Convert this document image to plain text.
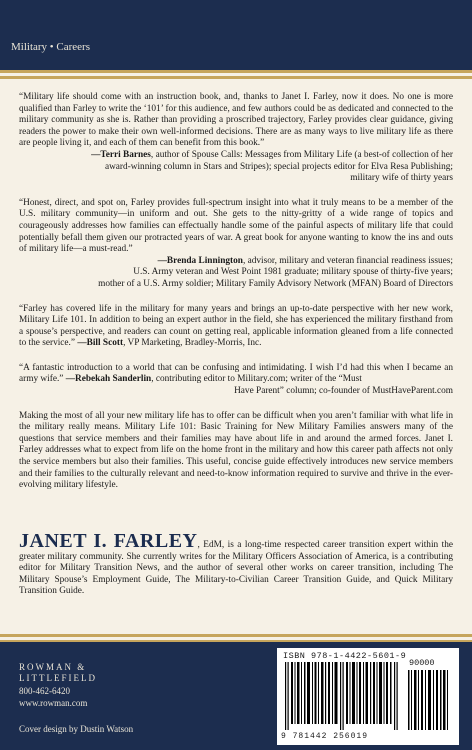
Military • Careers

“Military life should come with an instruction book, and, thanks to Janet I. Farley, now it does. No one is more qualified than Farley to write the ‘101’ for this audience, and few authors could be as dedicated and connected to the military community as she is. Rather than providing a proscribed trajectory, Farley provides clear guidance, giving readers the power to make their own well-informed decisions. There are as many ways to live military life as there are people living it, and each of them can benefit from this book.”

—Terri Barnes, author of Spouse Calls: Messages from Military Life (a best-of collection of her
award-winning column in Stars and Stripes); special projects editor for Elva Resa Publishing;
military wife of thirty years

“Honest, direct, and spot on, Farley provides full-spectrum insight into what it truly means to be a member of the U.S. military community—in uniform and out. She gets to the nitty-gritty of a wide range of topics and courageously addresses how families can effectually handle some of the painful aspects of military life that could potentially befall them given our protracted years of war. A great book for anyone wanting to know the ins and outs of military life—a must-read.”

—Brenda Linnington, advisor, military and veteran financial readiness issues;
U.S. Army veteran and West Point 1981 graduate; military spouse of thirty-five years;
mother of a U.S. Army soldier; Military Family Advisory Network (MFAN) Board of Directors

“Farley has covered life in the military for many years and brings an up-to-date perspective with her new work, Military Life 101. In addition to being an expert author in the field, she has experienced the military firsthand from a spouse’s perspective, and readers can count on getting real, applicable information gleaned from a life connected to the service.” —Bill Scott, VP Marketing, Bradley-Morris, Inc.

“A fantastic introduction to a world that can be confusing and intimidating. I wish I’d had this when I became an army wife.” —Rebekah Sanderlin, contributing editor to Military.com; writer of the “Must

Have Parent” column; co-founder of MustHaveParent.com
Making the most of all your new military life has to offer can be difficult when you aren’t familiar with what life in the military really means. Military Life 101: Basic Training for New Military Families answers many of the questions that service members and their families may have about life in and around the armed forces. Janet I. Farley addresses what to expect from life on the home front in the military and how this career path affects not only the service members but also their families. This useful, concise guide effectively introduces new service members and their families to the culturally relevant and need-to-know information required to survive and thrive in the ever-evolving military lifestyle.
JANET I. FARLEY, EdM, is a long-time respected career transition expert within the greater military community. She currently writes for the Military Officers Association of America, is a contributing editor for Military Transition News, and the author of several other works on career transition, including The Military Spouse’s Employment Guide, The Military-to-Civilian Career Transition Guide, and Quick Military Transition Guide.
ROWMAN &
LITTLEFIELD
800-462-6420
www.rowman.com
Cover design by Dustin Watson
ISBN 978-1-4422-5601-9
90000
9 781442 256019
